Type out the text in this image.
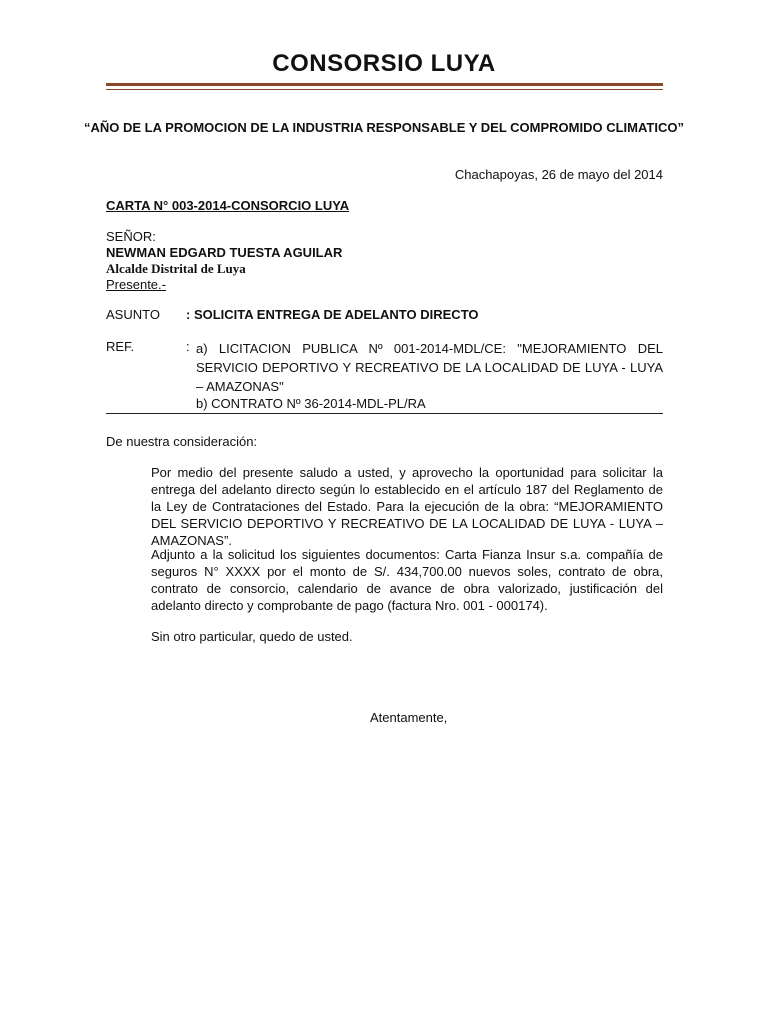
CONSORSIO LUYA
“AÑO DE LA PROMOCION DE LA INDUSTRIA RESPONSABLE Y DEL COMPROMIDO CLIMATICO”
Chachapoyas, 26 de mayo del 2014
CARTA N° 003-2014-CONSORCIO LUYA
SEÑOR:
NEWMAN EDGARD TUESTA AGUILAR
Alcalde Distrital de Luya
Presente.-
ASUNTO : SOLICITA ENTREGA DE ADELANTO DIRECTO
REF.	: a) LICITACION PUBLICA Nº 001-2014-MDL/CE: "MEJORAMIENTO DEL SERVICIO DEPORTIVO Y RECREATIVO DE LA LOCALIDAD DE LUYA - LUYA – AMAZONAS"
b) CONTRATO Nº 36-2014-MDL-PL/RA
De nuestra consideración:
Por medio del presente saludo a usted, y aprovecho la oportunidad para solicitar la entrega del adelanto directo según lo establecido en el artículo 187 del Reglamento de la Ley de Contrataciones del Estado. Para la ejecución de la obra: “MEJORAMIENTO DEL SERVICIO DEPORTIVO Y RECREATIVO DE LA LOCALIDAD DE LUYA - LUYA – AMAZONAS”.
Adjunto a la solicitud los siguientes documentos: Carta Fianza Insur s.a. compañía de seguros N° XXXX por el monto de S/. 434,700.00 nuevos soles, contrato de obra, contrato de consorcio, calendario de avance de obra valorizado, justificación del adelanto directo y comprobante de pago (factura Nro. 001 - 000174).
Sin otro particular, quedo de usted.
Atentamente,
